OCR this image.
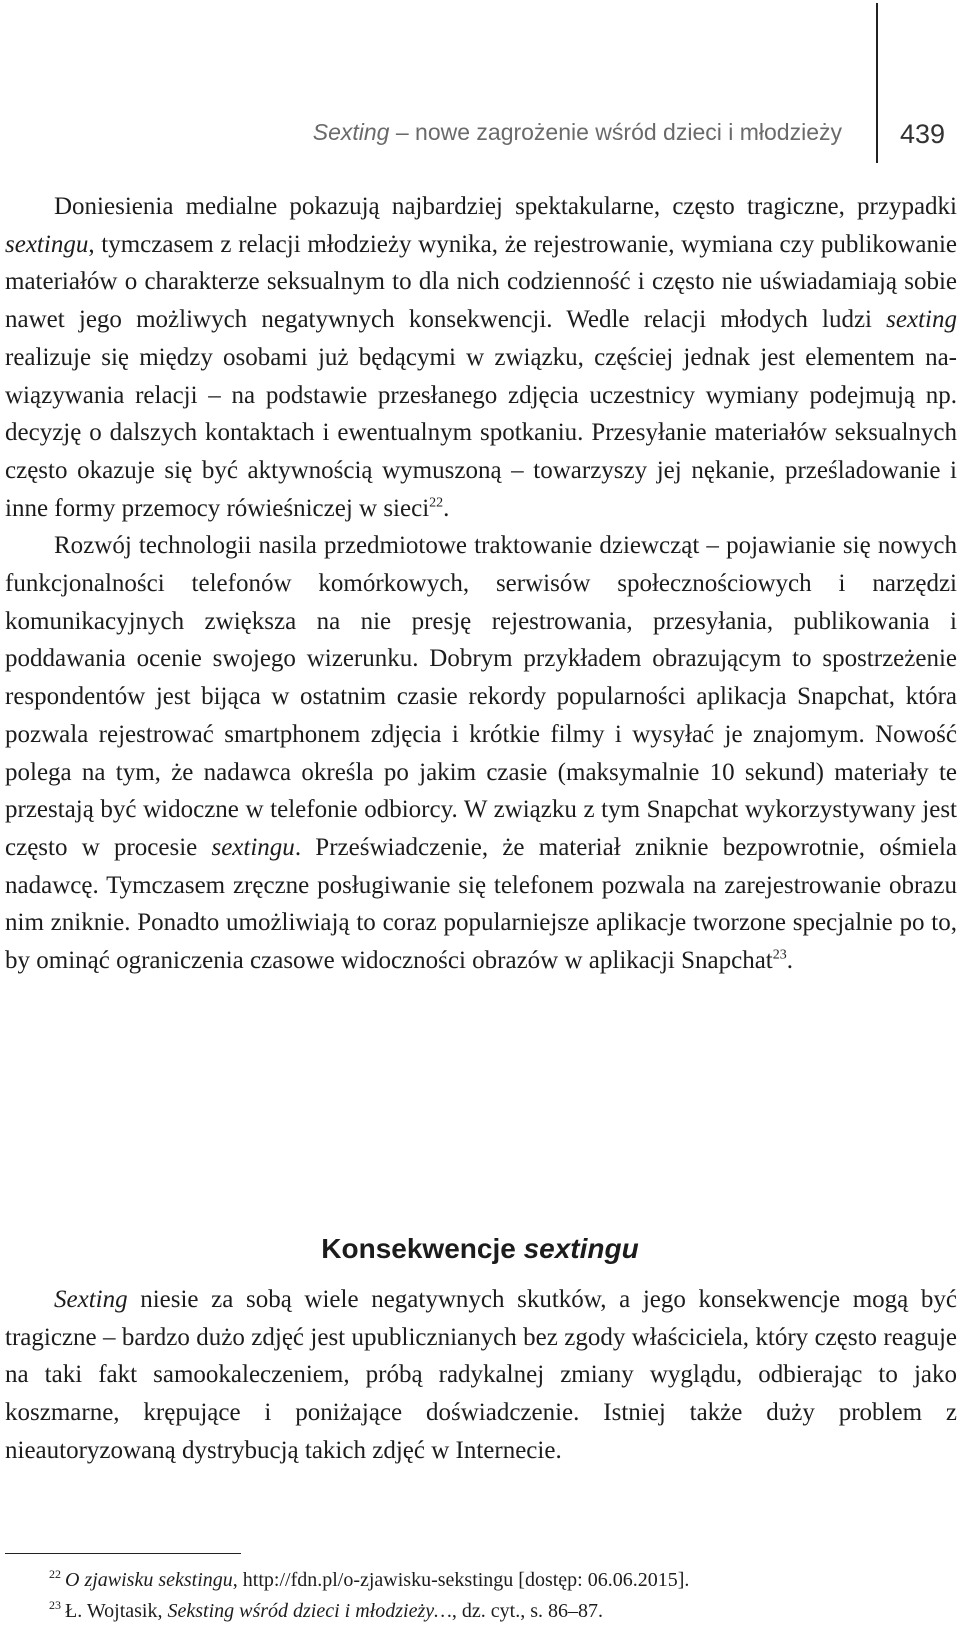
Sexting – nowe zagrożenie wśród dzieci i młodzieży 439

Doniesienia medialne pokazują najbardziej spektakularne, często tragiczne, przypadki sextingu, tymczasem z relacji młodzieży wynika, że rejestrowanie, wymiana czy publikowanie materiałów o charakterze seksualnym to dla nich codzienność i często nie uświadamiają sobie nawet jego możliwych negatywnych konsekwencji. Wedle relacji młodych ludzi sexting realizuje się między osobami już będącymi w związku, częściej jednak jest elementem nawiązywania relacji – na podstawie przesłanego zdjęcia uczestnicy wymiany podejmują np. decyzję o dalszych kontaktach i ewentualnym spotkaniu. Przesyłanie materiałów seksualnych często okazuje się być aktywnością wymuszoną – towarzyszy jej nękanie, prześladowanie i inne formy przemocy rówieśniczej w sieci$^{22}$.

Rozwój technologii nasila przedmiotowe traktowanie dziewcząt – pojawianie się nowych funkcjonalności telefonów komórkowych, serwisów społecznościowych i narzędzi komunikacyjnych zwiększa na nie presję rejestrowania, przesyłania, publikowania i poddawania ocenie swojego wizerunku. Dobrym przykładem obrazującym to spostrzeżenie respondentów jest bijąca w ostatnim czasie rekordy popularności aplikacja Snapchat, która pozwala rejestrować smartphonem zdjęcia i krótkie filmy i wysyłać je znajomym. Nowość polega na tym, że nadawca określa po jakim czasie (maksymalnie 10 sekund) materiały te przestają być widoczne w telefonie odbiorcy. W związku z tym Snapchat wykorzystywany jest często w procesie sextingu. Przeświadczenie, że materiał zniknie bezpowrotnie, ośmiela nadawcę. Tymczasem zręczne posługiwanie się telefonem pozwala na zarejestrowanie obrazu nim zniknie. Ponadto umożliwiają to coraz popularniejsze aplikacje tworzone specjalnie po to, by ominąć ograniczenia czasowe widoczności obrazów w aplikacji Snapchat$^{23}$.

Konsekwencje sextingu

Sexting niesie za sobą wiele negatywnych skutków, a jego konsekwencje mogą być tragiczne – bardzo dużo zdjęć jest upublicznianych bez zgody właściciela, który często reaguje na taki fakt samookaleczeniem, próbą radykalnej zmiany wyglądu, odbierając to jako koszmarne, krępujące i poniżające doświadczenie. Istniej także duży problem z nieautoryzowaną dystrybucją takich zdjęć w Internecie.

$^{22}$ O zjawisku sekstingu, http://fdn.pl/o-zjawisku-sekstingu [dostęp: 06.06.2015].
$^{23}$ Ł. Wojtasik, Seksting wśród dzieci i młodzieży…, dz. cyt., s. 86–87.
